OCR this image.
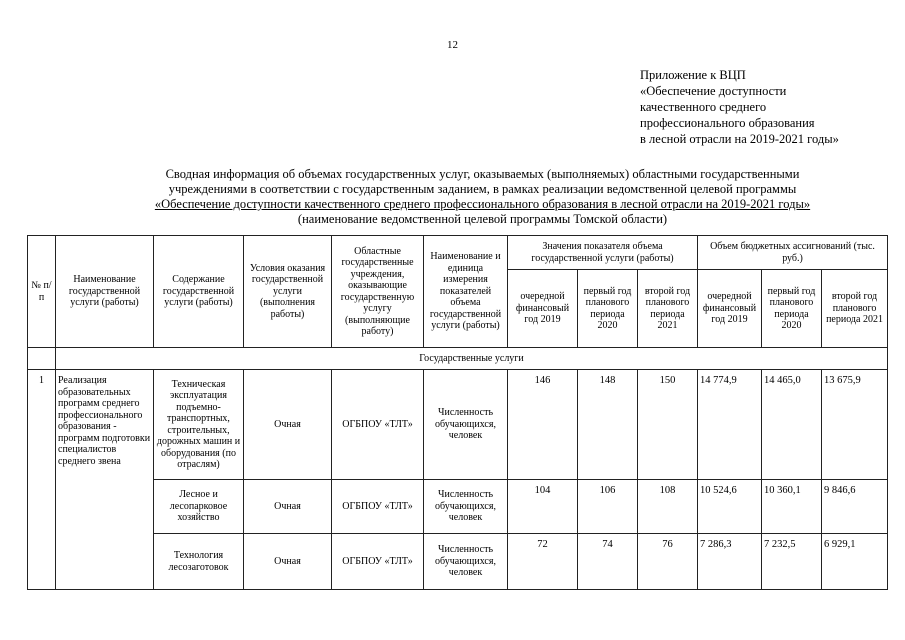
12
Приложение к ВЦП
«Обеспечение доступности
качественного среднего
профессионального образования
в лесной отрасли на 2019-2021 годы»
Сводная информация об объемах государственных услуг, оказываемых (выполняемых) областными государственными
учреждениями в соответствии с государственным заданием, в рамках реализации ведомственной целевой программы
«Обеспечение доступности качественного среднего профессионального образования в лесной отрасли на 2019-2021 годы»
(наименование ведомственной целевой программы Томской области)
№ п/п	Наименование государственной услуги (работы)	Содержание государственной услуги (работы)	Условия оказания государственной услуги (выполнения работы)	Областные государственные учреждения, оказывающие государственную услугу (выполняющие работу)	Наименование и единица измерения показателей объема государственной услуги (работы)	Значения показателя объема государственной услуги (работы)			Объем бюджетных ассигнований (тыс. руб.)		
						очередной финансовый год 2019	первый год планового периода 2020	второй год планового периода 2021	очередной финансовый год 2019	первый год планового периода 2020	второй год планового периода 2021
	Государственные услуги										
1	Реализация образовательных программ среднего профессионального образования - программ подготовки специалистов среднего звена	Техническая эксплуатация подъемно-транспортных, строительных, дорожных машин и оборудования (по отраслям)	Очная	ОГБПОУ «ТЛТ»	Численность обучающихся, человек	146	148	150	14 774,9	14 465,0	13 675,9
		Лесное и лесопарковое хозяйство	Очная	ОГБПОУ «ТЛТ»	Численность обучающихся, человек	104	106	108	10 524,6	10 360,1	9 846,6
		Технология лесозаготовок	Очная	ОГБПОУ «ТЛТ»	Численность обучающихся, человек	72	74	76	7 286,3	7 232,5	6 929,1
